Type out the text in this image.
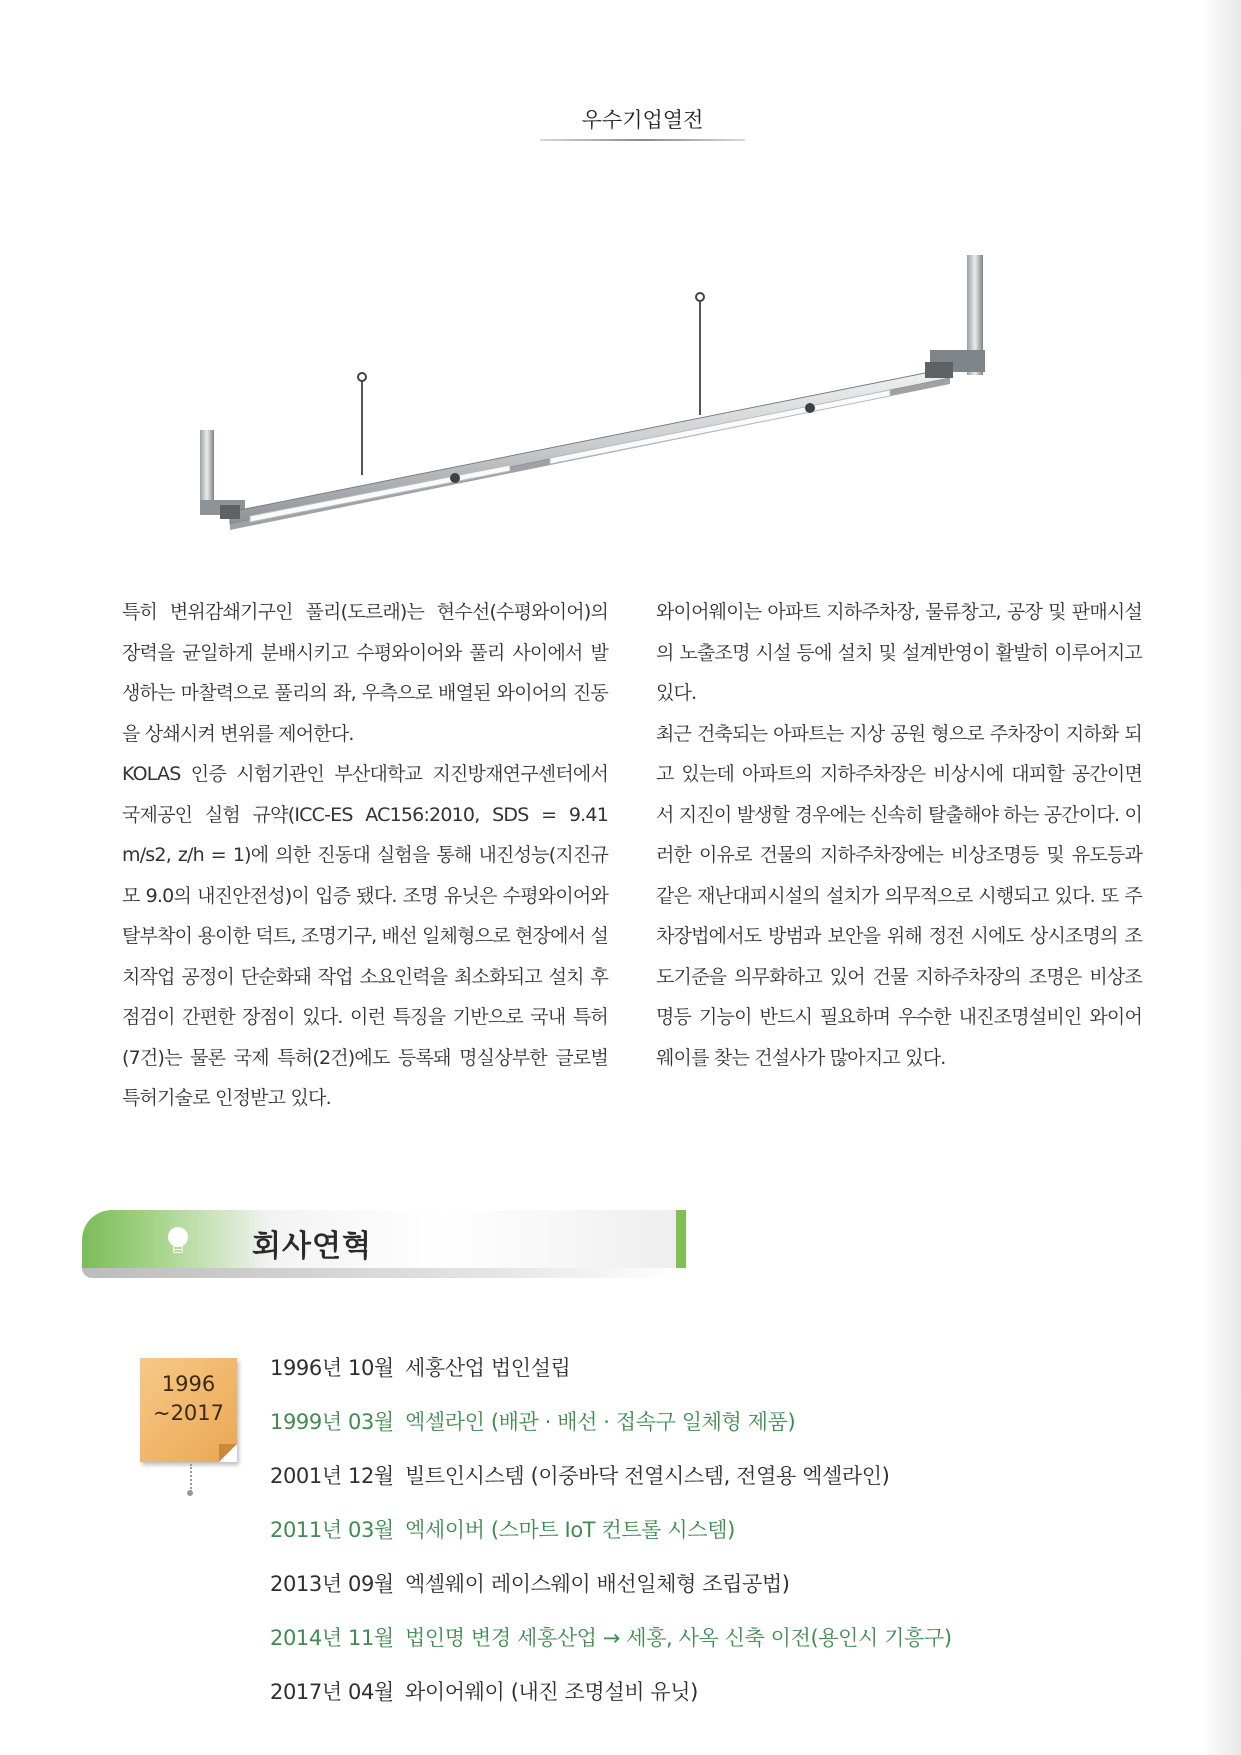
우수기업열전

특히 변위감쇄기구인 풀리(도르래)는 현수선(수평와이어)의 장력을 균일하게 분배시키고 수평와이어와 풀리 사이에서 발생하는 마찰력으로 풀리의 좌, 우측으로 배열된 와이어의 진동을 상쇄시켜 변위를 제어한다.

KOLAS 인증 시험기관인 부산대학교 지진방재연구센터에서 국제공인 실험 규약(ICC-ES AC156:2010, SDS = 9.41 m/s2, z/h = 1)에 의한 진동대 실험을 통해 내진성능(지진규모 9.0의 내진안전성)이 입증 됐다. 조명 유닛은 수평와이어와 탈부착이 용이한 덕트, 조명기구, 배선 일체형으로 현장에서 설치작업 공정이 단순화돼 작업 소요인력을 최소화되고 설치 후 점검이 간편한 장점이 있다. 이런 특징을 기반으로 국내 특허(7건)는 물론 국제 특허(2건)에도 등록돼 명실상부한 글로벌 특허기술로 인정받고 있다.

와이어웨이는 아파트 지하주차장, 물류창고, 공장 및 판매시설의 노출조명 시설 등에 설치 및 설계반영이 활발히 이루어지고 있다.

최근 건축되는 아파트는 지상 공원 형으로 주차장이 지하화 되고 있는데 아파트의 지하주차장은 비상시에 대피할 공간이면서 지진이 발생할 경우에는 신속히 탈출해야 하는 공간이다. 이러한 이유로 건물의 지하주차장에는 비상조명등 및 유도등과 같은 재난대피시설의 설치가 의무적으로 시행되고 있다. 또 주차장법에서도 방범과 보안을 위해 정전 시에도 상시조명의 조도기준을 의무화하고 있어 건물 지하주차장의 조명은 비상조명등 기능이 반드시 필요하며 우수한 내진조명설비인 와이어웨이를 찾는 건설사가 많아지고 있다.

회사연혁
1996
~2017
1996년 10월 세홍산업 법인설립
1999년 03월 엑셀라인 (배관 · 배선 · 접속구 일체형 제품)
2001년 12월 빌트인시스템 (이중바닥 전열시스템, 전열용 엑셀라인)
2011년 03월 엑세이버 (스마트 IoT 컨트롤 시스템)
2013년 09월 엑셀웨이 레이스웨이 배선일체형 조립공법)
2014년 11월 법인명 변경 세홍산업 → 세홍, 사옥 신축 이전(용인시 기흥구)
2017년 04월 와이어웨이 (내진 조명설비 유닛)
